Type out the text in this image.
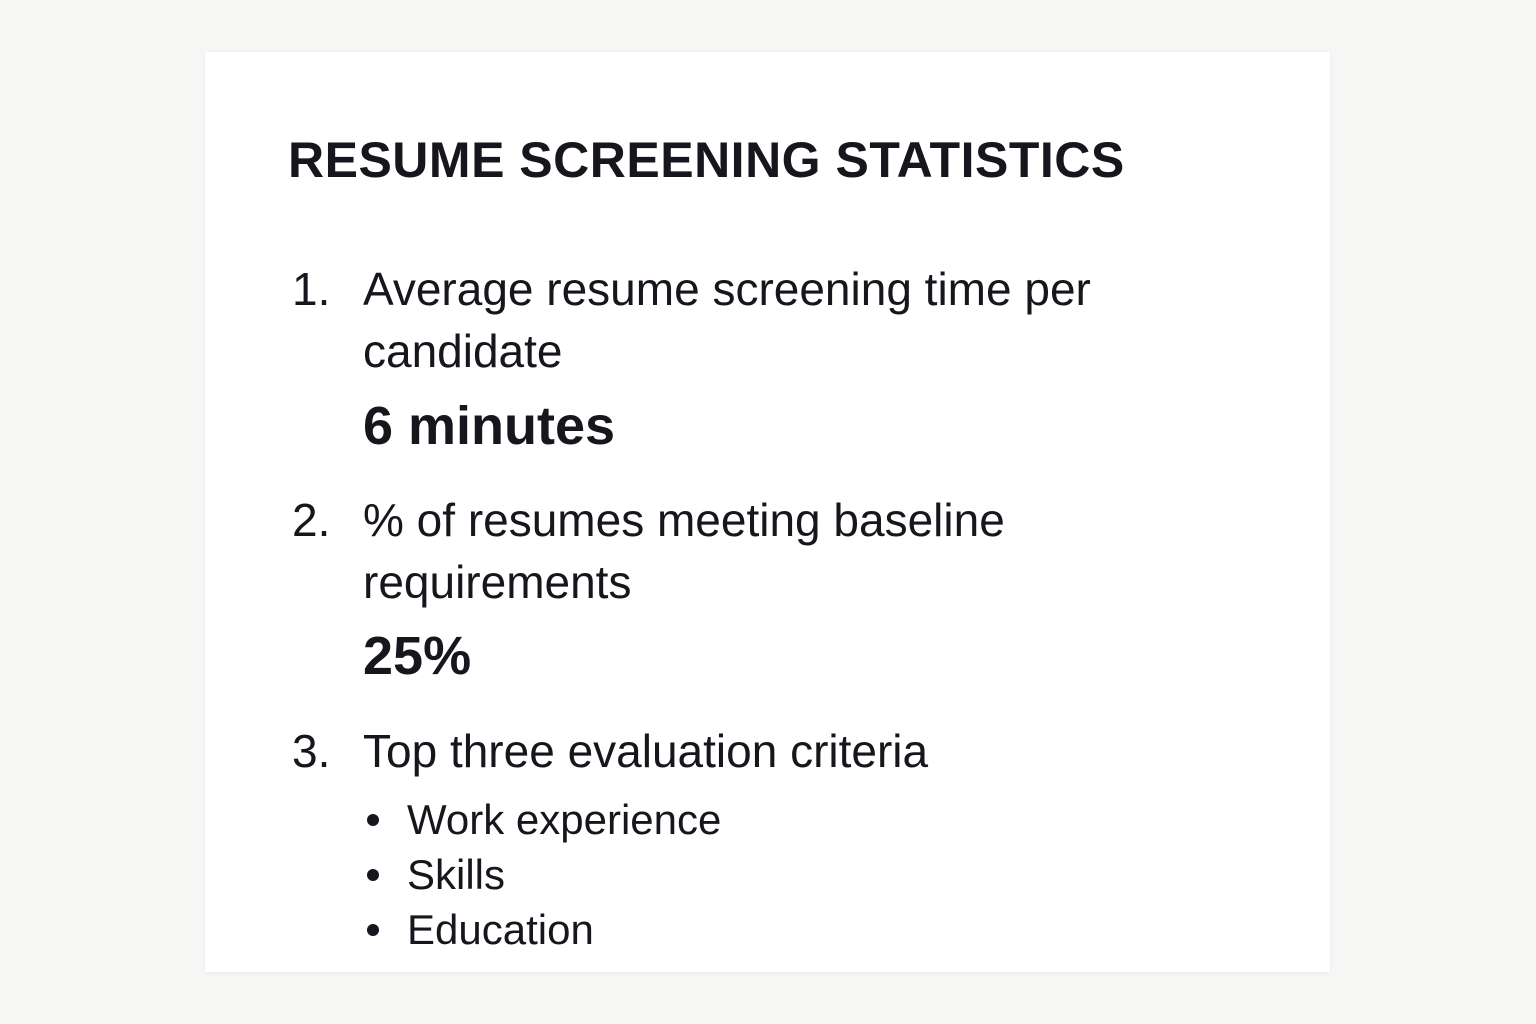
RESUME SCREENING STATISTICS
1. Average resume screening time per candidate
6 minutes
2. % of resumes meeting baseline requirements
25%
3. Top three evaluation criteria
Work experience
Skills
Education
